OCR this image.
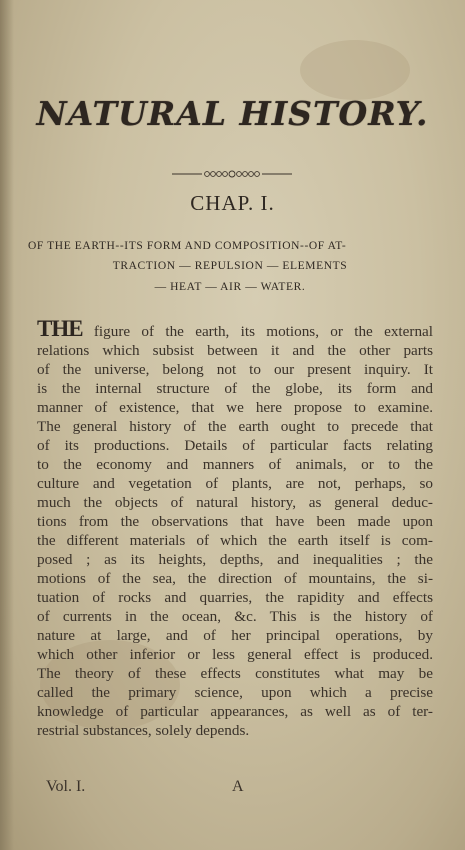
NATURAL HISTORY.
CHAP. I.
OF THE EARTH--ITS FORM AND COMPOSITION--OF AT-
TRACTION — REPULSION — ELEMENTS
— HEAT — AIR — WATER.
THE figure of the earth, its motions, or the external
relations which subsist between it and the other parts
of the universe, belong not to our present inquiry. It
is the internal structure of the globe, its form and
manner of existence, that we here propose to examine.
The general history of the earth ought to precede that
of its productions. Details of particular facts relating
to the economy and manners of animals, or to the
culture and vegetation of plants, are not, perhaps, so
much the objects of natural history, as general deduc-
tions from the observations that have been made upon
the different materials of which the earth itself is com-
posed ; as its heights, depths, and inequalities ; the
motions of the sea, the direction of mountains, the si-
tuation of rocks and quarries, the rapidity and effects
of currents in the ocean, &c. This is the history of
nature at large, and of her principal operations, by
which other inferior or less general effect is produced.
The theory of these effects constitutes what may be
called the primary science, upon which a precise
knowledge of particular appearances, as well as of ter-
restrial substances, solely depends.
Vol. I.	A
